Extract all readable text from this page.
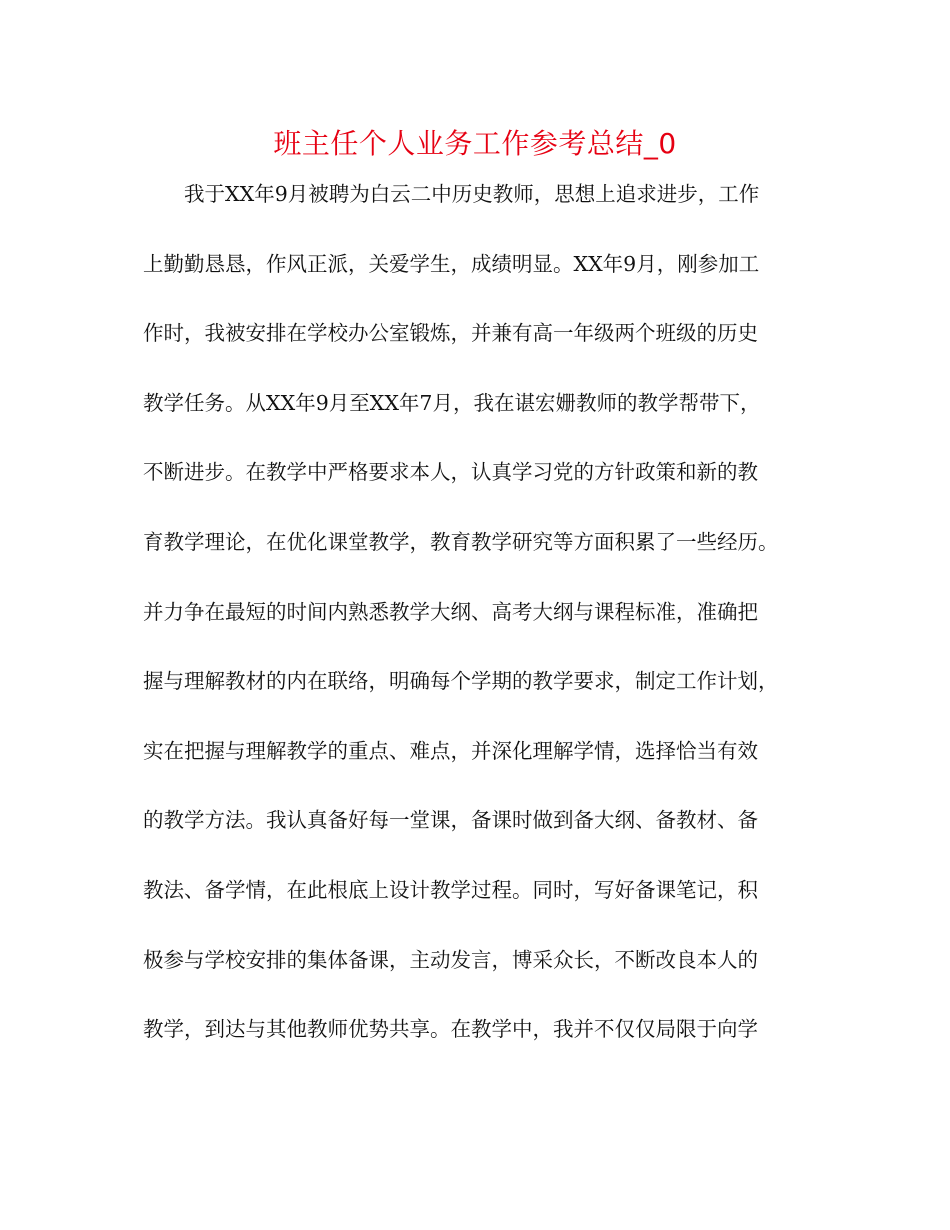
班主任个人业务工作参考总结_0
我于XX年9月被聘为白云二中历史教师，思想上追求进步，工作
上勤勤恳恳，作风正派，关爱学生，成绩明显。XX年9月，刚参加工
作时，我被安排在学校办公室锻炼，并兼有高一年级两个班级的历史
教学任务。从XX年9月至XX年7月，我在谌宏姗教师的教学帮带下，
不断进步。在教学中严格要求本人，认真学习党的方针政策和新的教
育教学理论，在优化课堂教学，教育教学研究等方面积累了一些经历。
并力争在最短的时间内熟悉教学大纲、高考大纲与课程标准，准确把
握与理解教材的内在联络，明确每个学期的教学要求，制定工作计划，
实在把握与理解教学的重点、难点，并深化理解学情，选择恰当有效
的教学方法。我认真备好每一堂课，备课时做到备大纲、备教材、备
教法、备学情，在此根底上设计教学过程。同时，写好备课笔记，积
极参与学校安排的集体备课，主动发言，博采众长，不断改良本人的
教学，到达与其他教师优势共享。在教学中，我并不仅仅局限于向学
